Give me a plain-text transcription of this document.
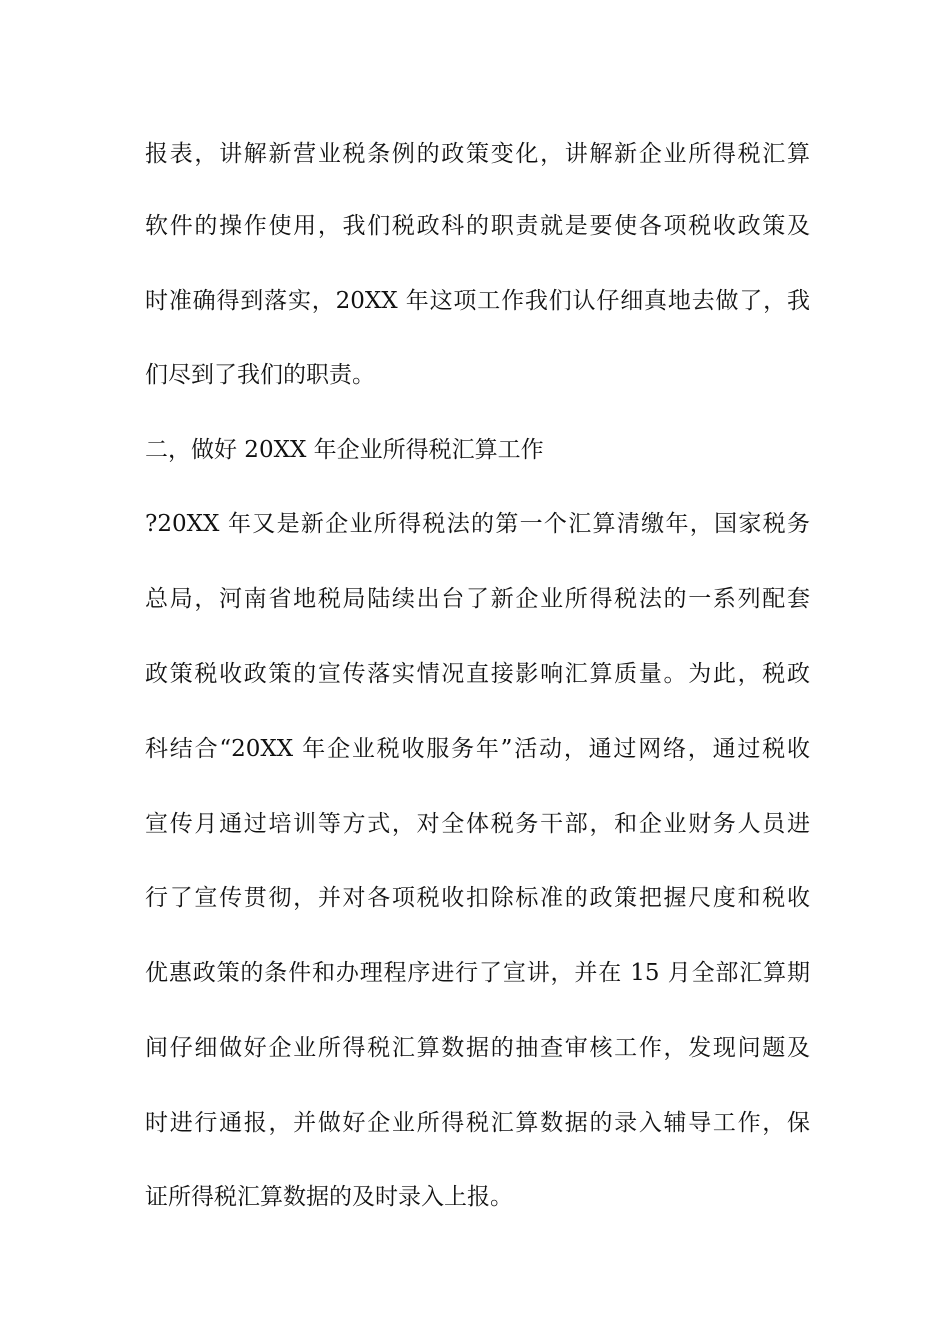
报表，讲解新营业税条例的政策变化，讲解新企业所得税汇算
软件的操作使用，我们税政科的职责就是要使各项税收政策及
时准确得到落实，20XX 年这项工作我们认仔细真地去做了，我
们尽到了我们的职责。
二，做好 20XX 年企业所得税汇算工作
?20XX 年又是新企业所得税法的第一个汇算清缴年，国家税务
总局，河南省地税局陆续出台了新企业所得税法的一系列配套
政策税收政策的宣传落实情况直接影响汇算质量。为此，税政
科结合“20XX 年企业税收服务年”活动，通过网络，通过税收
宣传月通过培训等方式，对全体税务干部，和企业财务人员进
行了宣传贯彻，并对各项税收扣除标准的政策把握尺度和税收
优惠政策的条件和办理程序进行了宣讲，并在 15 月全部汇算期
间仔细做好企业所得税汇算数据的抽查审核工作，发现问题及
时进行通报，并做好企业所得税汇算数据的录入辅导工作，保
证所得税汇算数据的及时录入上报。
